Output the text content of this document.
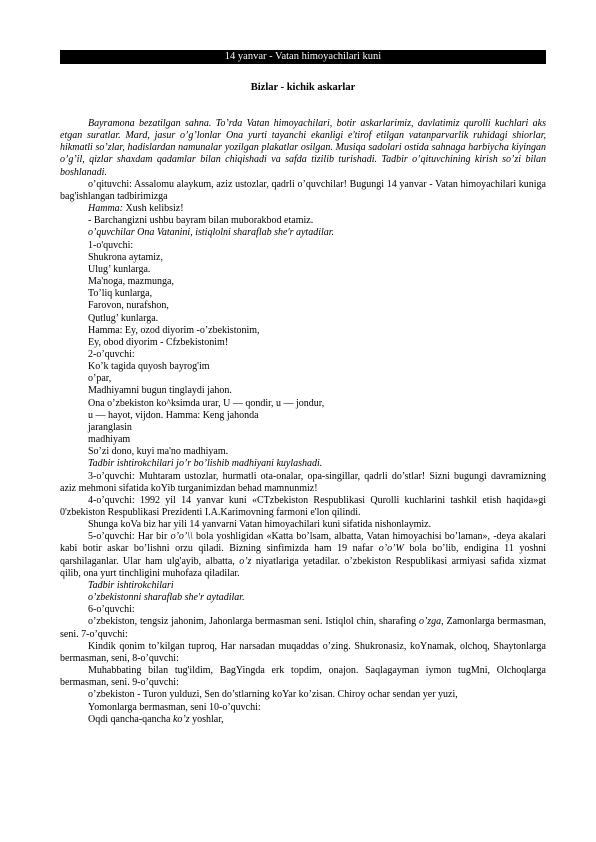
14 yanvar - Vatan himoyachilari kuni
Bizlar - kichik askarlar

Bayramona bezatilgan sahna. To’rda Vatan himoyachilari, botir askarlarimiz, davlatimiz qurolli kuchlari aks etgan suratlar. Mard, jasur o’g’lonlar Ona yurti tayanchi ekanligi e'tirof etilgan vatanparvarlik ruhidagi shiorlar, hikmatli so’zlar, hadislardan namunalar yozilgan plakatlar osilgan. Musiqa sadolari ostida sahnaga harbiycha kiyingan o’g’il, qizlar shaxdam qadamlar bilan chiqishadi va safda tizilib turishadi. Tadbir o’qituvchining kirish so’zi bilan boshlanadi.

o’qituvchi: Assalomu alaykum, aziz ustozlar, qadrli o’quvchilar! Bugungi 14 yanvar - Vatan himoyachilari kuniga bag'ishlangan tadbirimizga

Hamma: Xush kelibsiz!

- Barchangizni ushbu bayram bilan muborakbod etamiz.

o’quvchilar Ona Vatanini, istiqlolni sharaflab she'r aytadilar.

1-o'quvchi:

Shukrona aytamiz,

Ulug’ kunlarga.

Ma'noga, mazmunga,

To’liq kunlarga,

Farovon, nurafshon,

Qutlug’ kunlarga.

Hamma: Ey, ozod diyorim -o’zbekistonim,

Ey, obod diyorim - Cfzbekistonim!

2-o’quvchi:

Ko’k tagida quyosh bayrog'im

o’par,

Madhiyamni bugun tinglaydi jahon.

Ona o’zbekiston ko^ksimda urar, U — qondir, u — jondur,

u — hayot, vijdon. Hamma: Keng jahonda

jaranglasin

madhiyam

So’zi dono, kuyi ma'no madhiyam.

Tadbir ishtirokchilari jo’r bo’lishib madhiyani kuylashadi.

3-o’quvchi: Muhtaram ustozlar, hurmatli ota-onalar, opa-singillar, qadrli do’stlar! Sizni bugungi davramizning aziz mehmoni sifatida koYib turganimizdan behad mamnunmiz!

4-o’quvchi: 1992 yil 14 yanvar kuni «CTzbekiston Respublikasi Qurolli kuchlarini tashkil etish haqida»gi 0'zbekiston Respublikasi Prezidenti I.A.Karimovning farmoni e'lon qilindi.

Shunga koVa biz har yili 14 yanvarni Vatan himoyachilari kuni sifatida nishonlaymiz.

5-o’quvchi: Har bir o’o’\\ bola yoshligidan «Katta bo’lsam, albatta, Vatan himoyachisi bo’laman», -deya akalari kabi botir askar bo’lishni orzu qiladi. Bizning sinfimizda ham 19 nafar o’o’W bola bo’lib, endigina 11 yoshni qarshilaganlar. Ular ham ulg'ayib, albatta, o’z niyatlariga yetadilar. o’zbekiston Respublikasi armiyasi safida xizmat qilib, ona yurt tinchligini muhofaza qiladilar.

Tadbir ishtirokchilari

o’zbekistonni sharaflab she'r aytadilar.

6-o’quvchi:

o’zbekiston, tengsiz jahonim, Jahonlarga bermasman seni. Istiqlol chin, sharafing o’zga, Zamonlarga bermasman, seni. 7-o’quvchi:

Kindik qonim to’kilgan tuproq, Har narsadan muqaddas o’zing. Shukronasiz, koYnamak, olchoq, Shaytonlarga bermasman, seni, 8-o’quvchi:

Muhabbating bilan tug'ildim, BagYingda erk topdim, onajon. Saqlagayman iymon tugMni, Olchoqlarga bermasman, seni. 9-o’quvchi:

o’zbekiston - Turon yulduzi, Sen do’stlarning koYar ko’zisan. Chiroy ochar sendan yer yuzi,

Yomonlarga bermasman, seni 10-o’quvchi:

Oqdi qancha-qancha ko’z yoshlar,
